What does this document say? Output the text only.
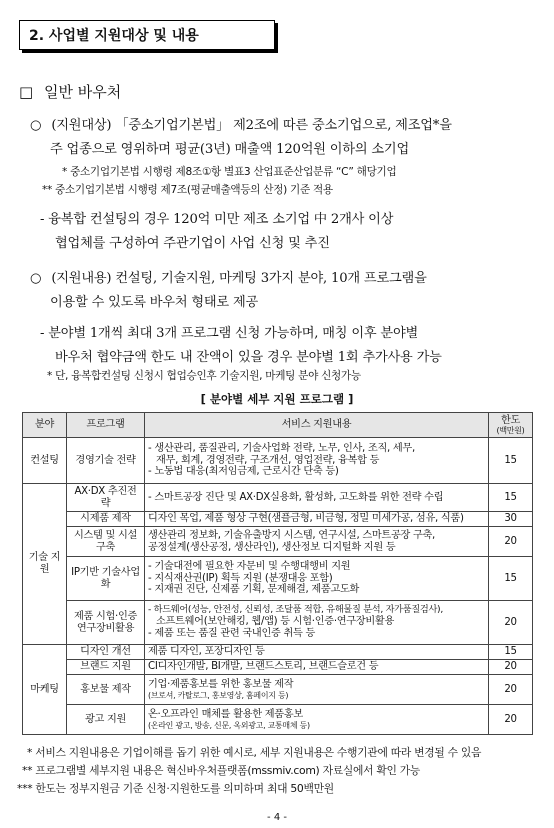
2. 사업별 지원대상 및 내용
□ 일반 바우처
○ (지원대상) 「중소기업기본법」 제2조에 따른 중소기업으로, 제조업*을
주 업종으로 영위하며 평균(3년) 매출액 120억원 이하의 소기업
* 중소기업기본법 시행령 제8조①항 별표3 산업표준산업분류 “C” 해당기업
** 중소기업기본법 시행령 제7조(평균매출액등의 산정) 기준 적용
- 융복합 컨설팅의 경우 120억 미만 제조 소기업 中 2개사 이상
협업체를 구성하여 주관기업이 사업 신청 및 추진
○ (지원내용) 컨설팅, 기술지원, 마케팅 3가지 분야, 10개 프로그램을
이용할 수 있도록 바우처 형태로 제공
- 분야별 1개씩 최대 3개 프로그램 신청 가능하며, 매칭 이후 분야별
바우처 협약금액 한도 내 잔액이 있을 경우 분야별 1회 추가사용 가능
* 단, 융복합컨설팅 신청시 협업승인후 기술지원, 마케팅 분야 신청가능
[ 분야별 세부 지원 프로그램 ]
분야	프로그램	서비스 지원내용	한도
(백만원)

컨설팅	경영기술 전략	- 생산관리, 품질관리, 기술사업화 전략, 노무, 인사, 조직, 세무,
재무, 회계, 경영전략, 구조개선, 영업전략, 융복합 등
- 노동법 대응(최저임금제, 근로시간 단축 등)	15
기술 지원	AX·DX 추진전략	- 스마트공장 진단 및 AX·DX실용화, 활성화, 고도화를 위한 전략 수립	15
	시제품 제작	디자인 목업, 제품 형상 구현(샘플금형, 비금형, 정밀 미세가공, 섬유, 식품)	30
	시스템 및 시설구축	생산관리 정보화, 기술유출방지 시스템, 연구시설, 스마트공장 구축,
공정설계(생산공정, 생산라인), 생산정보 디지털화 지원 등	20
	IP기반 기술사업화	- 기술대전에 필요한 자문비 및 수행대행비 지원
- 지식재산권(IP) 획득 지원 (분쟁대응 포함)
- 지재권 진단, 신제품 기획, 문제해결, 제품고도화	15
	제품 시험·인증 연구장비활용	- 하드웨어(성능, 안전성, 신뢰성, 조달품 적합, 유해물질 분석, 자가품질검사),
소프트웨어(보안해킹, 웹/앱) 등 시험·인증·연구장비활용
- 제품 또는 품질 관련 국내인증 취득 등	20
마케팅	디자인 개선	제품 디자인, 포장디자인 등	15
	브랜드 지원	CI디자인개발, BI개발, 브랜드스토리, 브랜드슬로건 등	20
	홍보물 제작	기업·제품홍보를 위한 홍보물 제작
(브로셔, 카탈로그, 홍보영상, 홈페이지 등)	20
	광고 지원	온·오프라인 매체를 활용한 제품홍보
(온라인 광고, 방송, 신문, 옥외광고, 교통매체 등)	20
* 서비스 지원내용은 기업이해를 돕기 위한 예시로, 세부 지원내용은 수행기관에 따라 변경될 수 있음
** 프로그램별 세부지원 내용은 혁신바우처플랫폼(mssmiv.com) 자료실에서 확인 가능
*** 한도는 정부지원금 기준 신청·지원한도를 의미하며 최대 50백만원
- 4 -
